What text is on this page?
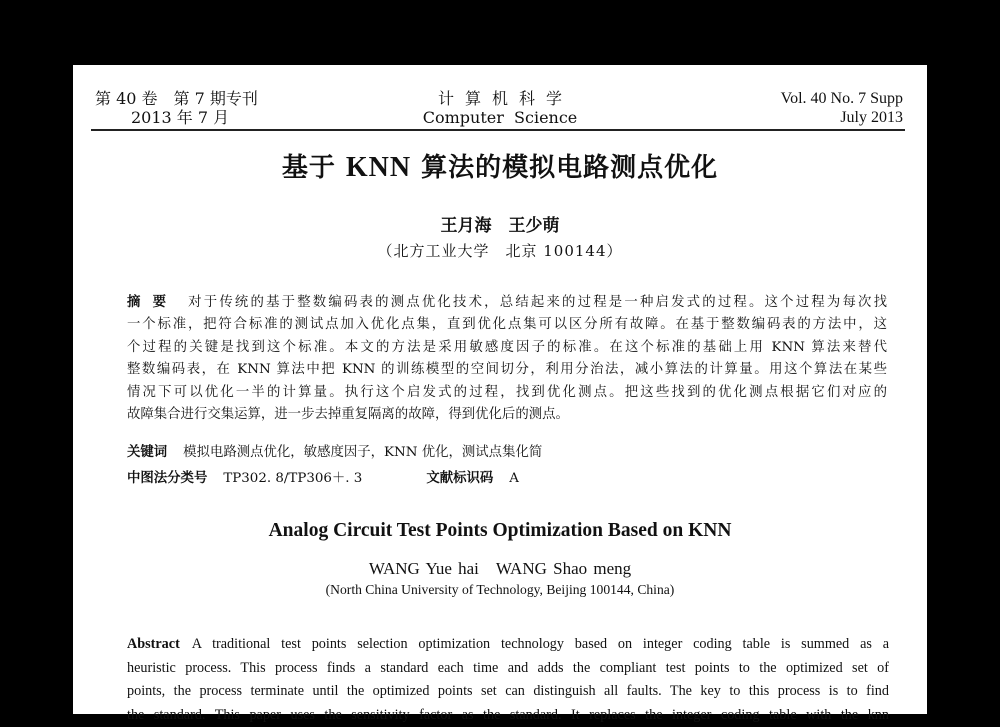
第 40 卷　第 7 期专刊
2013 年 7 月
计算机科学
Computer  Science
Vol. 40 No. 7 Supp
July 2013
基于 KNN 算法的模拟电路测点优化
王月海　王少萌
（北方工业大学　北京 100144）
摘要 对于传统的基于整数编码表的测点优化技术，总结起来的过程是一种启发式的过程。这个过程为每次找
一个标准，把符合标准的测试点加入优化点集，直到优化点集可以区分所有故障。在基于整数编码表的方法中，这
个过程的关键是找到这个标准。本文的方法是采用敏感度因子的标准。在这个标准的基础上用 KNN 算法来替代
整数编码表，在 KNN 算法中把 KNN 的训练模型的空间切分，利用分治法，减小算法的计算量。用这个算法在某些
情况下可以优化一半的计算量。执行这个启发式的过程，找到优化测点。把这些找到的优化测点根据它们对应的
故障集合进行交集运算，进一步去掉重复隔离的故障，得到优化后的测点。
关键词 模拟电路测点优化，敏感度因子，KNN 优化，测试点集化简
中图法分类号 TP302. 8/TP306＋. 3	文献标识码 A
Analog Circuit Test Points Optimization Based on KNN
WANG Yue hai　WANG Shao meng
(North China University of Technology, Beijing 100144, China)
Abstract A traditional test points selection optimization technology based on integer coding table is summed as a
heuristic process. This process finds a standard each time and adds the compliant test points to the optimized set of
points, the process terminate until the optimized points set can distinguish all faults. The key to this process is to find
the standard. This paper uses the sensitivity factor as the standard. It replaces the integer coding table with the knn
